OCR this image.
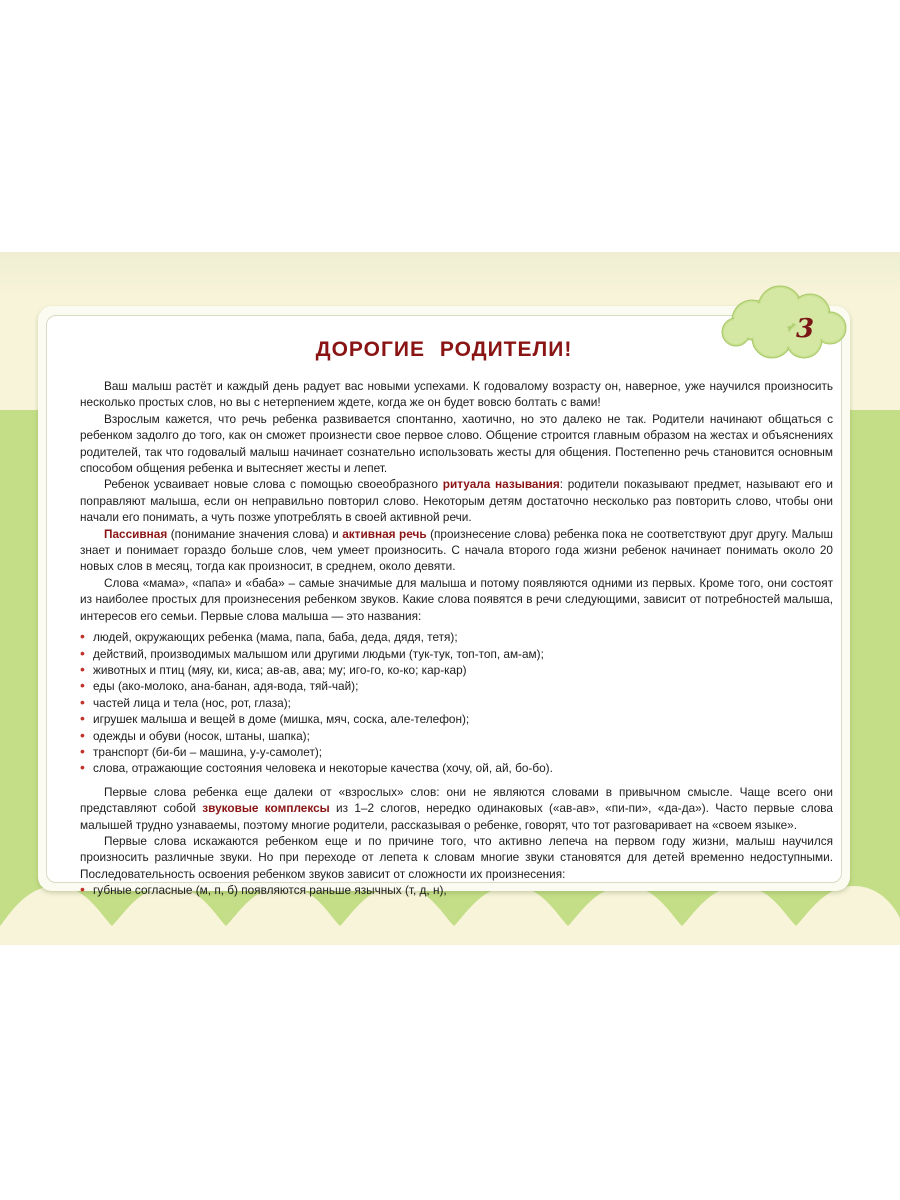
3
ДОРОГИЕ РОДИТЕЛИ!

Ваш малыш растёт и каждый день радует вас новыми успехами. К годовалому возрасту он, наверное, уже научился произносить несколько простых слов, но вы с нетерпением ждете, когда же он будет вовсю болтать с вами!

Взрослым кажется, что речь ребенка развивается спонтанно, хаотично, но это далеко не так. Родители начинают общаться с ребенком задолго до того, как он сможет произнести свое первое слово. Общение строится главным образом на жестах и объяснениях родителей, так что годовалый малыш начинает сознательно использовать жесты для общения. Постепенно речь становится основным способом общения ребенка и вытесняет жесты и лепет.

Ребенок усваивает новые слова с помощью своеобразного ритуала называния: родители показывают предмет, называют его и поправляют малыша, если он неправильно повторил слово. Некоторым детям достаточно несколько раз повторить слово, чтобы они начали его понимать, а чуть позже употреблять в своей активной речи.

Пассивная (понимание значения слова) и активная речь (произнесение слова) ребенка пока не соответствуют друг другу. Малыш знает и понимает гораздо больше слов, чем умеет произносить. С начала второго года жизни ребенок начинает понимать около 20 новых слов в месяц, тогда как произносит, в среднем, около девяти.

Слова «мама», «папа» и «баба» – самые значимые для малыша и потому появляются одними из первых. Кроме того, они состоят из наиболее простых для произнесения ребенком звуков. Какие слова появятся в речи следующими, зависит от потребностей малыша, интересов его семьи. Первые слова малыша — это названия:

• людей, окружающих ребенка (мама, папа, баба, деда, дядя, тетя);
• действий, производимых малышом или другими людьми (тук-тук, топ-топ, ам-ам);
• животных и птиц (мяу, ки, киса; ав-ав, ава; му; иго-го, ко-ко; кар-кар)
• еды (ако-молоко, ана-банан, адя-вода, тяй-чай);
• частей лица и тела (нос, рот, глаза);
• игрушек малыша и вещей в доме (мишка, мяч, соска, але-телефон);
• одежды и обуви (носок, штаны, шапка);
• транспорт (би-би – машина, у-у-самолет);
• слова, отражающие состояния человека и некоторые качества (хочу, ой, ай, бо-бо).

Первые слова ребенка еще далеки от «взрослых» слов: они не являются словами в привычном смысле. Чаще всего они представляют собой звуковые комплексы из 1–2 слогов, нередко одинаковых («ав-ав», «пи-пи», «да-да»). Часто первые слова малышей трудно узнаваемы, поэтому многие родители, рассказывая о ребенке, говорят, что тот разговаривает на «своем языке».

Первые слова искажаются ребенком еще и по причине того, что активно лепеча на первом году жизни, малыш научился произносить различные звуки. Но при переходе от лепета к словам многие звуки становятся для детей временно недоступными. Последовательность освоения ребенком звуков зависит от сложности их произнесения:

• губные согласные (м, п, б) появляются раньше язычных (т, д, н),
